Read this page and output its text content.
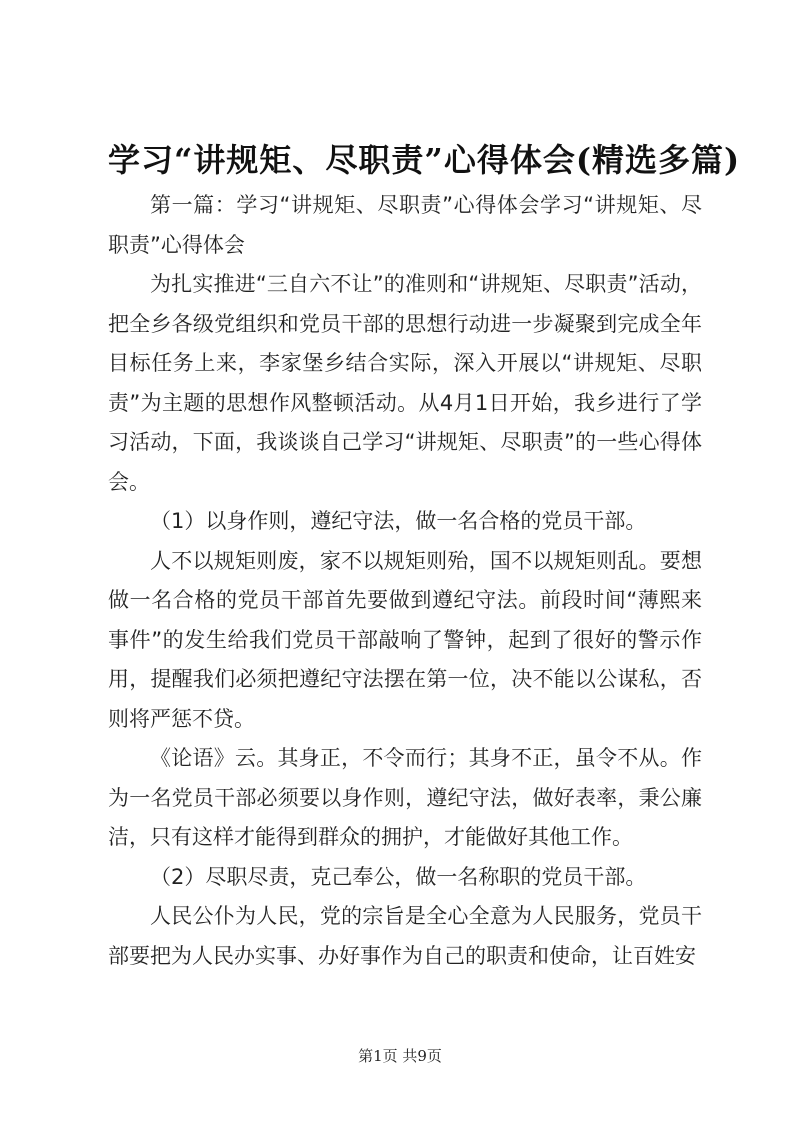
学习“讲规矩、尽职责”心得体会(精选多篇)

第一篇：学习“讲规矩、尽职责”心得体会学习“讲规矩、尽职责”心得体会

为扎实推进“三自六不让”的准则和“讲规矩、尽职责”活动，把全乡各级党组织和党员干部的思想行动进一步凝聚到完成全年目标任务上来，李家堡乡结合实际，深入开展以“讲规矩、尽职责”为主题的思想作风整顿活动。从4月1日开始，我乡进行了学习活动，下面，我谈谈自己学习“讲规矩、尽职责”的一些心得体会。

（1）以身作则，遵纪守法，做一名合格的党员干部。

人不以规矩则废，家不以规矩则殆，国不以规矩则乱。要想做一名合格的党员干部首先要做到遵纪守法。前段时间“薄熙来事件”的发生给我们党员干部敲响了警钟，起到了很好的警示作用，提醒我们必须把遵纪守法摆在第一位，决不能以公谋私，否则将严惩不贷。

《论语》云。其身正，不令而行；其身不正，虽令不从。作为一名党员干部必须要以身作则，遵纪守法，做好表率，秉公廉洁，只有这样才能得到群众的拥护，才能做好其他工作。

（2）尽职尽责，克己奉公，做一名称职的党员干部。

人民公仆为人民，党的宗旨是全心全意为人民服务，党员干部要把为人民办实事、办好事作为自己的职责和使命，让百姓安

第1页 共9页
